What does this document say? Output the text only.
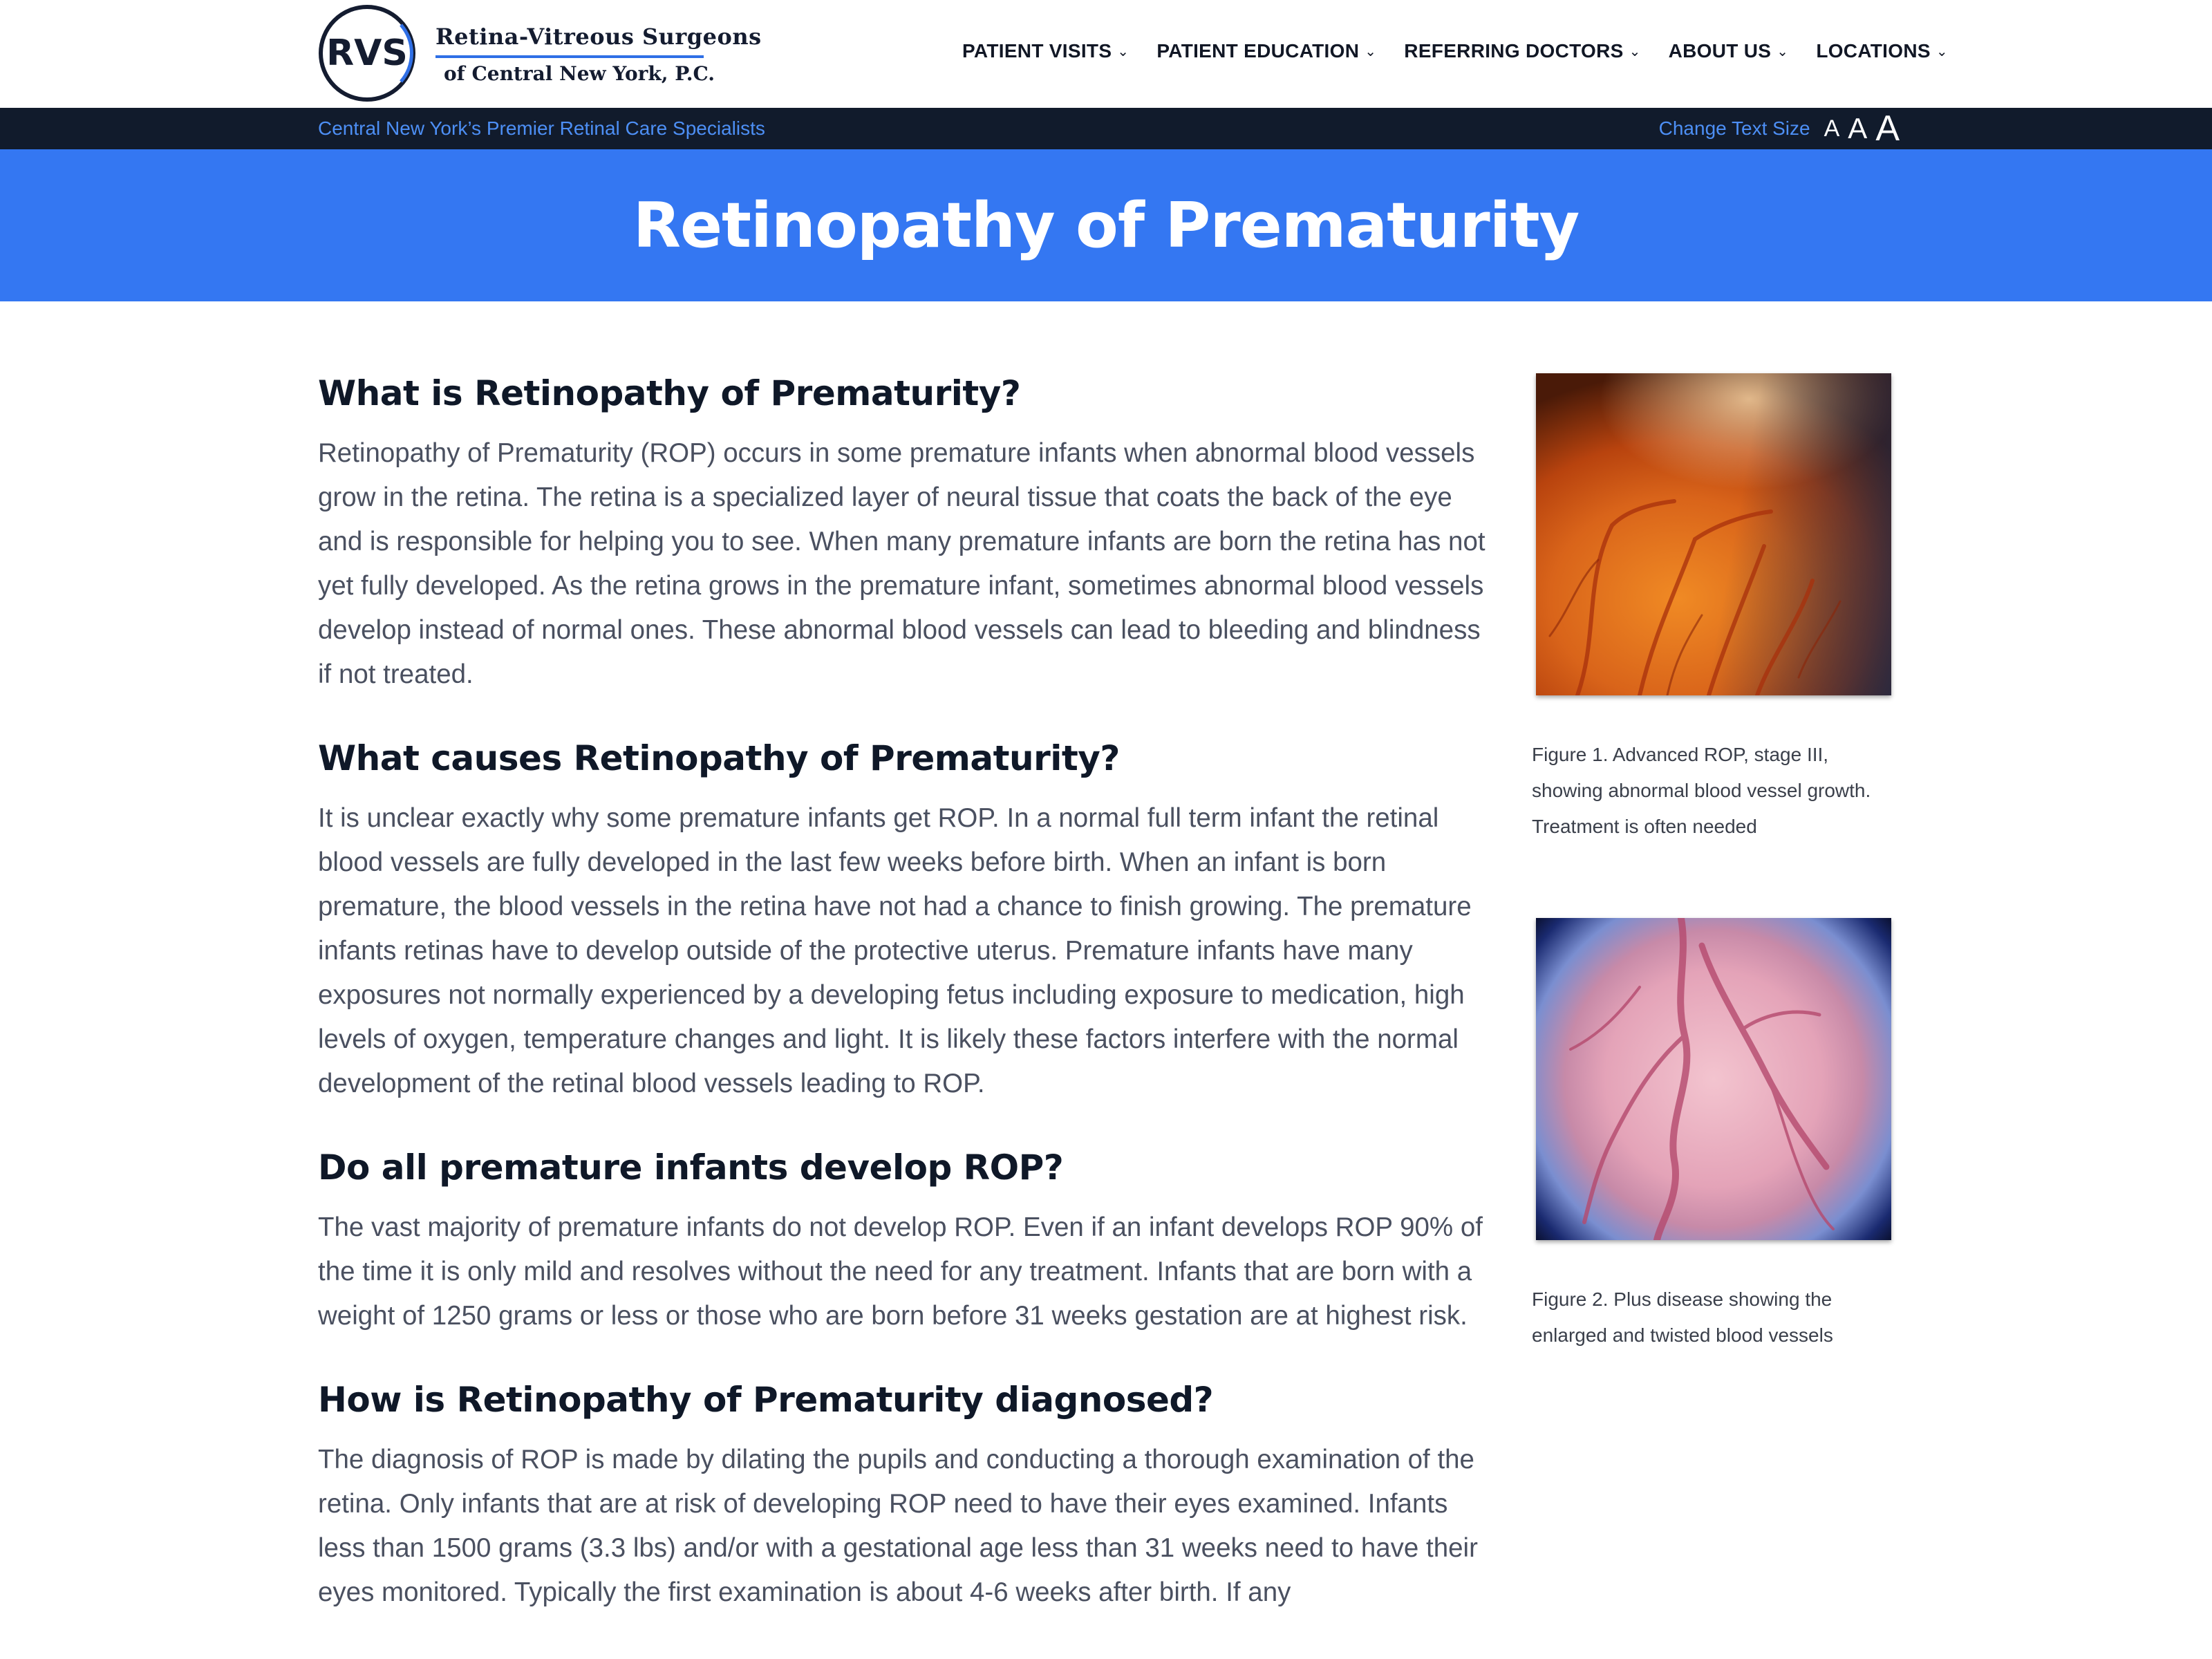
RVS Retina-Vitreous Surgeons
of Central New York, P.C.
PATIENT VISITS ⌄ PATIENT EDUCATION ⌄ REFERRING DOCTORS ⌄ ABOUT US ⌄ LOCATIONS ⌄
Central New York’s Premier Retinal Care Specialists	Change Text Size A A A
Retinopathy of Prematurity
What is Retinopathy of Prematurity?

Retinopathy of Prematurity (ROP) occurs in some premature infants when abnormal blood vessels grow in the retina. The retina is a specialized layer of neural tissue that coats the back of the eye and is responsible for helping you to see. When many premature infants are born the retina has not yet fully developed. As the retina grows in the premature infant, sometimes abnormal blood vessels develop instead of normal ones. These abnormal blood vessels can lead to bleeding and blindness if not treated.

What causes Retinopathy of Prematurity?

It is unclear exactly why some premature infants get ROP. In a normal full term infant the retinal blood vessels are fully developed in the last few weeks before birth. When an infant is born premature, the blood vessels in the retina have not had a chance to finish growing. The premature infants retinas have to develop outside of the protective uterus. Premature infants have many exposures not normally experienced by a developing fetus including exposure to medication, high levels of oxygen, temperature changes and light. It is likely these factors interfere with the normal development of the retinal blood vessels leading to ROP.

Do all premature infants develop ROP?

The vast majority of premature infants do not develop ROP. Even if an infant develops ROP 90% of the time it is only mild and resolves without the need for any treatment. Infants that are born with a weight of 1250 grams or less or those who are born before 31 weeks gestation are at highest risk.

How is Retinopathy of Prematurity diagnosed?

The diagnosis of ROP is made by dilating the pupils and conducting a thorough examination of the retina. Only infants that are at risk of developing ROP need to have their eyes examined. Infants less than 1500 grams (3.3 lbs) and/or with a gestational age less than 31 weeks need to have their eyes monitored. Typically the first examination is about 4-6 weeks after birth. If any

Figure 1. Advanced ROP, stage III, showing abnormal blood vessel growth. Treatment is often needed
Figure 2. Plus disease showing the enlarged and twisted blood vessels
